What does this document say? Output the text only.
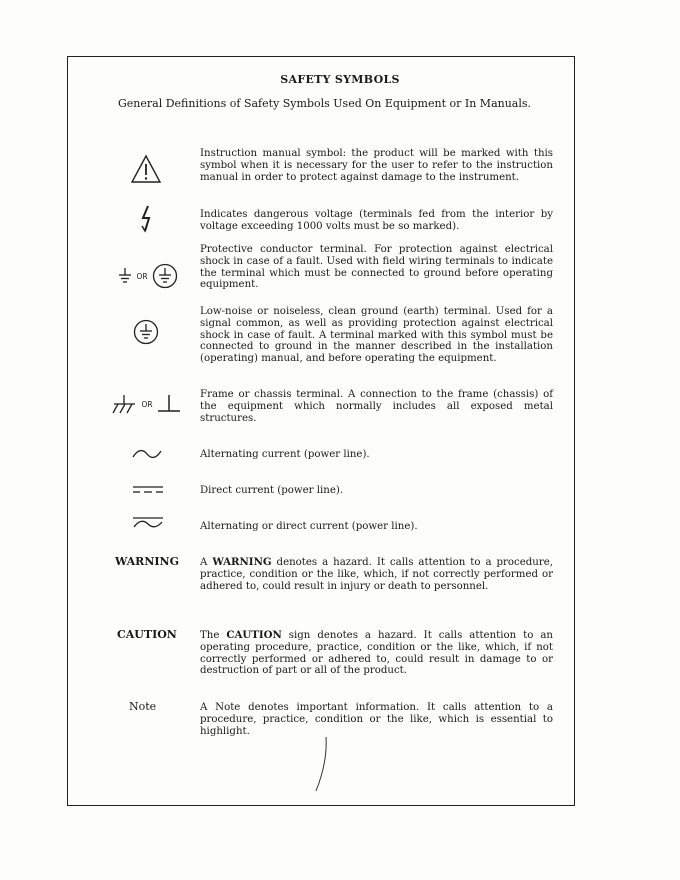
SAFETY SYMBOLS
General Definitions of Safety Symbols Used On Equipment or In Manuals.
Instruction manual symbol: the product will be marked with this symbol when it is necessary for the user to refer to the instruction manual in order to protect against damage to the instrument.
Indicates dangerous voltage (terminals fed from the interior by voltage exceeding 1000 volts must be so marked).
OR
Protective conductor terminal. For protection against electrical shock in case of a fault. Used with field wiring terminals to indicate the terminal which must be connected to ground before operating equipment.
Low-noise or noiseless, clean ground (earth) terminal. Used for a signal common, as well as providing protection against electrical shock in case of fault. A terminal marked with this symbol must be connected to ground in the manner described in the installation (operating) manual, and before operating the equipment.
OR
Frame or chassis terminal. A connection to the frame (chassis) of the equipment which normally includes all exposed metal structures.
Alternating current (power line).
Direct current (power line).
Alternating or direct current (power line).
WARNING A WARNING denotes a hazard. It calls attention to a procedure, practice, condition or the like, which, if not correctly performed or adhered to, could result in injury or death to personnel.
CAUTION The CAUTION sign denotes a hazard. It calls attention to an operating procedure, practice, condition or the like, which, if not correctly performed or adhered to, could result in damage to or destruction of part or all of the product.
Note	A Note denotes important information. It calls attention to a procedure, practice, condition or the like, which is essential to highlight.
